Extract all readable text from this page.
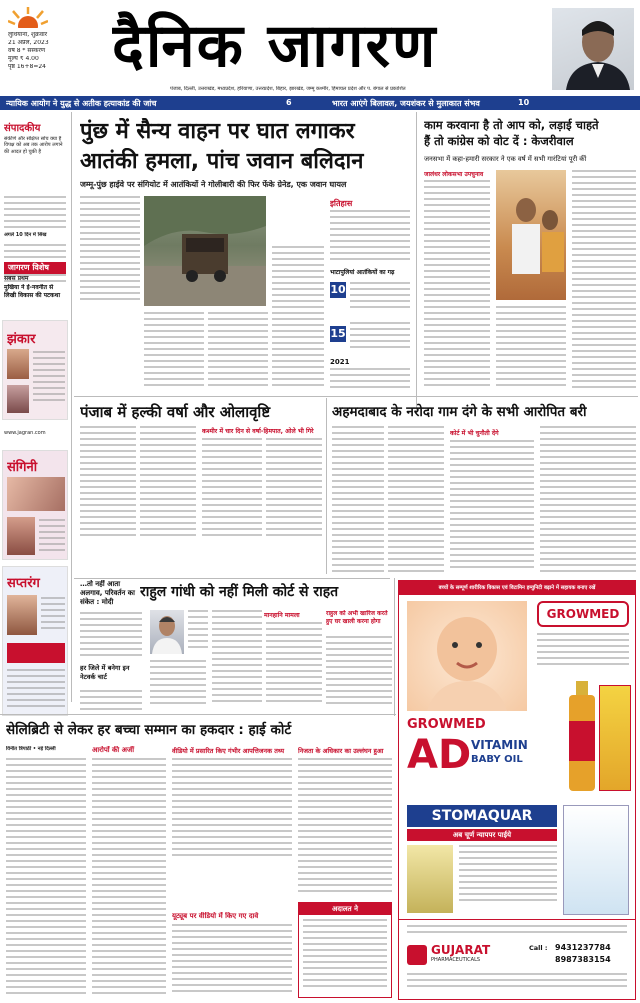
लुधियाना, शुक्रवार
21 अप्रैल, 2023
वर्ष 8 * संस्करण
मूल्य ₹ 4.00
पृष्ठ 16+8=24	दैनिक जागरण
पंजाब, दिल्ली, उत्तराखंड, मध्यप्रदेश, हरियाणा, उत्तरप्रदेश, बिहार, झारखंड, जम्मू कश्मीर, हिमाचल प्रदेश और प. बंगाल से प्रकाशित
न्यायिक आयोग ने युद्ध से अतीक हत्याकांड की जांच	6	भारत आएंगे बिलावल, जयशंकर से मुलाकात संभव	10
संपादकीय
संकीर्ण और संक्षिप्त सोच क्या है विपक्ष को अब तक आरोप लगाने की आदत हो चुकी है
अगले 10 दिन में सिख
जागरण विशेष
सबसे प्रथम
मुखिया ने ई-नवनीत से लिखी विकास की पटकथा
झंकार
संगिनी
सप्तरंग
www.jagran.com
पुंछ में सैन्य वाहन पर घात लगाकर
आतंकी हमला, पांच जवान बलिदान
जम्मू-पुंछ हाईवे पर संगियोट में आतंकियों ने गोलीबारी की फिर फेंके ग्रेनेड, एक जवान घायल
इतिहास
भाटापुलियां आतंकियों का गढ़
10
15
2021
काम करवाना है तो आप को, लड़ाई चाहते
हैं तो कांग्रेस को वोट दें : केजरीवाल
जनसभा में कहा-हमारी सरकार ने एक वर्ष में सभी गारंटियां पूरी कीं
जालंधर लोकसभा उपचुनाव
पंजाब में हल्की वर्षा और ओलावृष्टि
कश्मीर में चार दिन से वर्षा-हिमपात, ओले भी गिरे
अहमदाबाद के नरोदा गाम दंगे के सभी आरोपित बरी
कोर्ट में भी चुनौती देंगे
राहुल गांधी को नहीं मिली कोर्ट से राहत
मानहानि मामला	राहुल को अभी खारिज करते हुए घर खाली करना होगा
…तो नहीं आता अलगाव, परिवर्तन का संकेत : मोदी
हर जिले में बनेगा इन नेटवर्क चार्ट
बच्चों के सम्पूर्ण शारीरिक विकास एवं विटामिन इम्युनिटी बढ़ाने में सहायक बनाए रखें
GROWMED
GROWMED
AD VITAMIN
BABY OIL
STOMAQUAR
अब चूर्ण न्यापपर पाईये
GUJARAT
PHARMACEUTICALS
Call : 9431237784
8987383154
सेलिब्रिटी से लेकर हर बच्चा सम्मान का हकदार : हाई कोर्ट
विनीत त्रिपाठी • नई दिल्ली	आरोपों की अर्जी	वीडियो में प्रसारित किए गंभीर आपत्तिजनक तथ्य
यूट्यूब पर वीडियो में किए गए दावे
निजता के अधिकार का उल्लंघन हुआ
अदालत ने
